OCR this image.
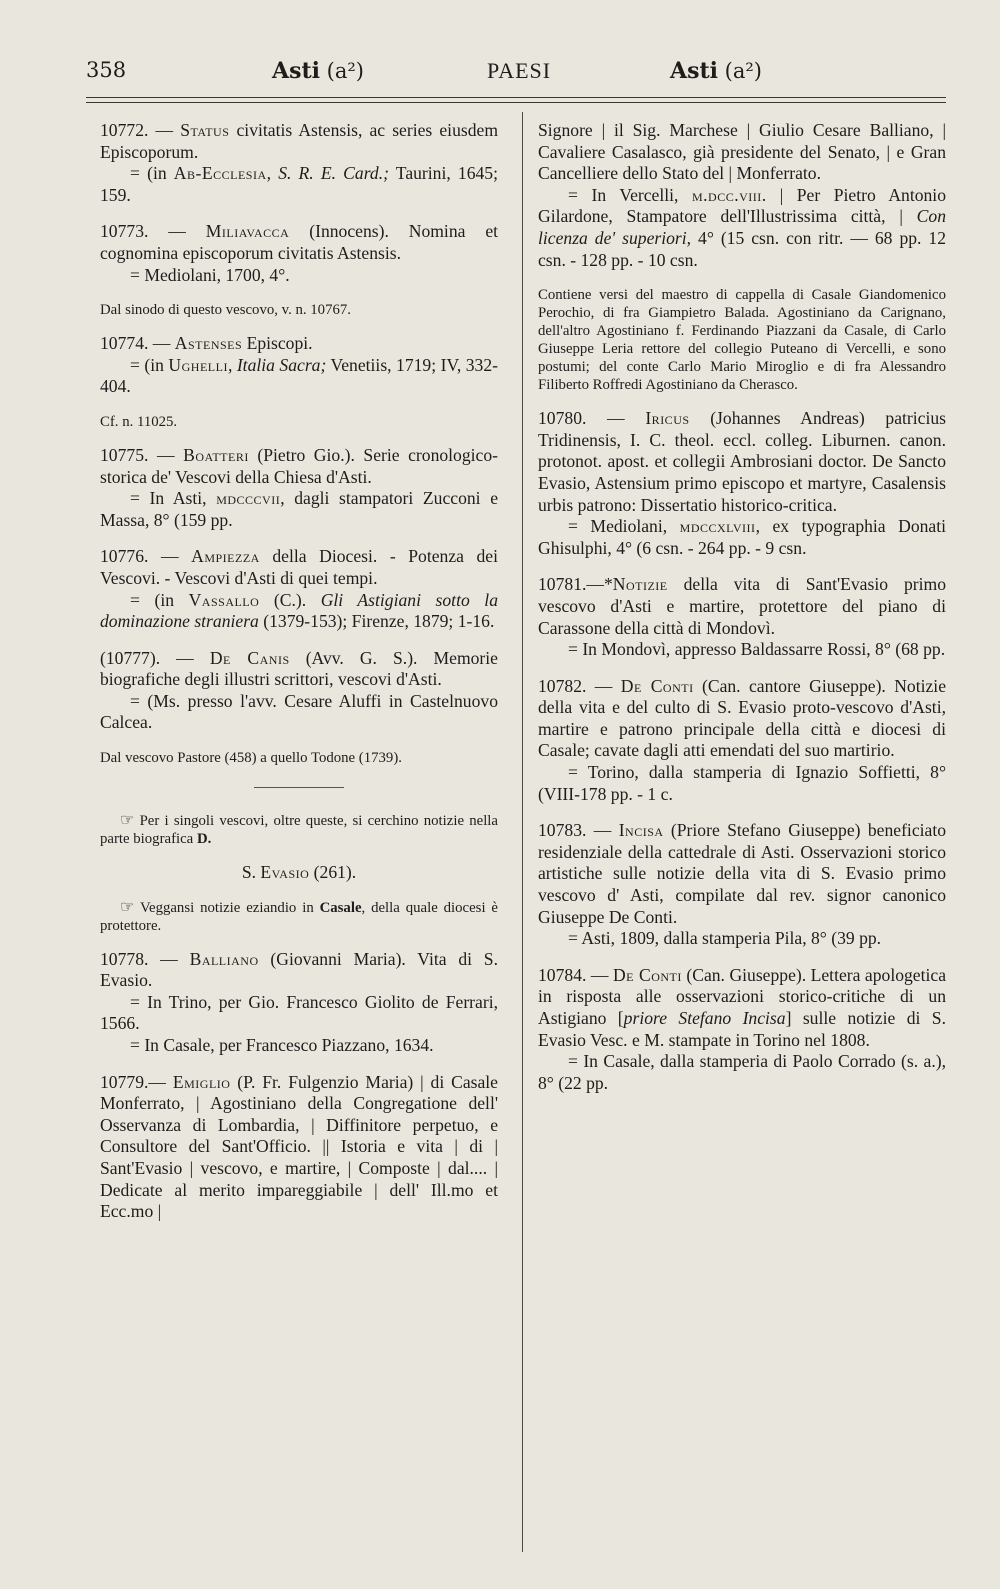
358	Asti (a²)	PAESI	Asti (a²)

10772. — Status civitatis Astensis, ac series eiusdem Episcoporum.

= (in Ab-Ecclesia, S. R. E. Card.; Taurini, 1645; 159.

10773. — Miliavacca (Innocens). Nomina et cognomina episcoporum civitatis Astensis.

= Mediolani, 1700, 4°.

Dal sinodo di questo vescovo, v. n. 10767.

10774. — Astenses Episcopi.

= (in Ughelli, Italia Sacra; Venetiis, 1719; IV, 332-404.

Cf. n. 11025.

10775. — Boatteri (Pietro Gio.). Serie cronologico-storica de' Vescovi della Chiesa d'Asti.

= In Asti, mdcccvii, dagli stampatori Zucconi e Massa, 8° (159 pp.

10776. — Ampiezza della Diocesi. - Potenza dei Vescovi. - Vescovi d'Asti di quei tempi.

= (in Vassallo (C.). Gli Astigiani sotto la dominazione straniera (1379-153); Firenze, 1879; 1-16.

(10777). — De Canis (Avv. G. S.). Memorie biografiche degli illustri scrittori, vescovi d'Asti.

= (Ms. presso l'avv. Cesare Aluffi in Castelnuovo Calcea.

Dal vescovo Pastore (458) a quello Todone (1739).

☞ Per i singoli vescovi, oltre queste, si cerchino notizie nella parte biografica D.

S. Evasio (261).

☞ Veggansi notizie eziandio in Casale, della quale diocesi è protettore.

10778. — Balliano (Giovanni Maria). Vita di S. Evasio.

= In Trino, per Gio. Francesco Giolito de Ferrari, 1566.

= In Casale, per Francesco Piazzano, 1634.

10779.— Emiglio (P. Fr. Fulgenzio Maria) | di Casale Monferrato, | Agostiniano della Congregatione dell' Osservanza di Lombardia, | Diffinitore perpetuo, e Consultore del Sant'Officio. || Istoria e vita | di | Sant'Evasio | vescovo, e martire, | Composte | dal.... | Dedicate al merito impareggiabile | dell' Ill.mo et Ecc.mo |

Signore | il Sig. Marchese | Giulio Cesare Balliano, | Cavaliere Casalasco, già presidente del Senato, | e Gran Cancelliere dello Stato del | Monferrato.

= In Vercelli, m.dcc.viii. | Per Pietro Antonio Gilardone, Stampatore dell'Illustrissima città, | Con licenza de' superiori, 4° (15 csn. con ritr. — 68 pp. 12 csn. - 128 pp. - 10 csn.

Contiene versi del maestro di cappella di Casale Giandomenico Perochio, di fra Giampietro Balada. Agostiniano da Carignano, dell'altro Agostiniano f. Ferdinando Piazzani da Casale, di Carlo Giuseppe Leria rettore del collegio Puteano di Vercelli, e sono postumi; del conte Carlo Mario Miroglio e di fra Alessandro Filiberto Roffredi Agostiniano da Cherasco.

10780. — Iricus (Johannes Andreas) patricius Tridinensis, I. C. theol. eccl. colleg. Liburnen. canon. protonot. apost. et collegii Ambrosiani doctor. De Sancto Evasio, Astensium primo episcopo et martyre, Casalensis urbis patrono: Dissertatio historico-critica.

= Mediolani, mdccxlviii, ex typographia Donati Ghisulphi, 4° (6 csn. - 264 pp. - 9 csn.

10781.—*Notizie della vita di Sant'Evasio primo vescovo d'Asti e martire, protettore del piano di Carassone della città di Mondovì.

= In Mondovì, appresso Baldassarre Rossi, 8° (68 pp.

10782. — De Conti (Can. cantore Giuseppe). Notizie della vita e del culto di S. Evasio proto-vescovo d'Asti, martire e patrono principale della città e diocesi di Casale; cavate dagli atti emendati del suo martirio.

= Torino, dalla stamperia di Ignazio Soffietti, 8° (VIII-178 pp. - 1 c.

10783. — Incisa (Priore Stefano Giuseppe) beneficiato residenziale della cattedrale di Asti. Osservazioni storico artistiche sulle notizie della vita di S. Evasio primo vescovo d' Asti, compilate dal rev. signor canonico Giuseppe De Conti.

= Asti, 1809, dalla stamperia Pila, 8° (39 pp.

10784. — De Conti (Can. Giuseppe). Lettera apologetica in risposta alle osservazioni storico-critiche di un Astigiano [priore Stefano Incisa] sulle notizie di S. Evasio Vesc. e M. stampate in Torino nel 1808.

= In Casale, dalla stamperia di Paolo Corrado (s. a.), 8° (22 pp.
